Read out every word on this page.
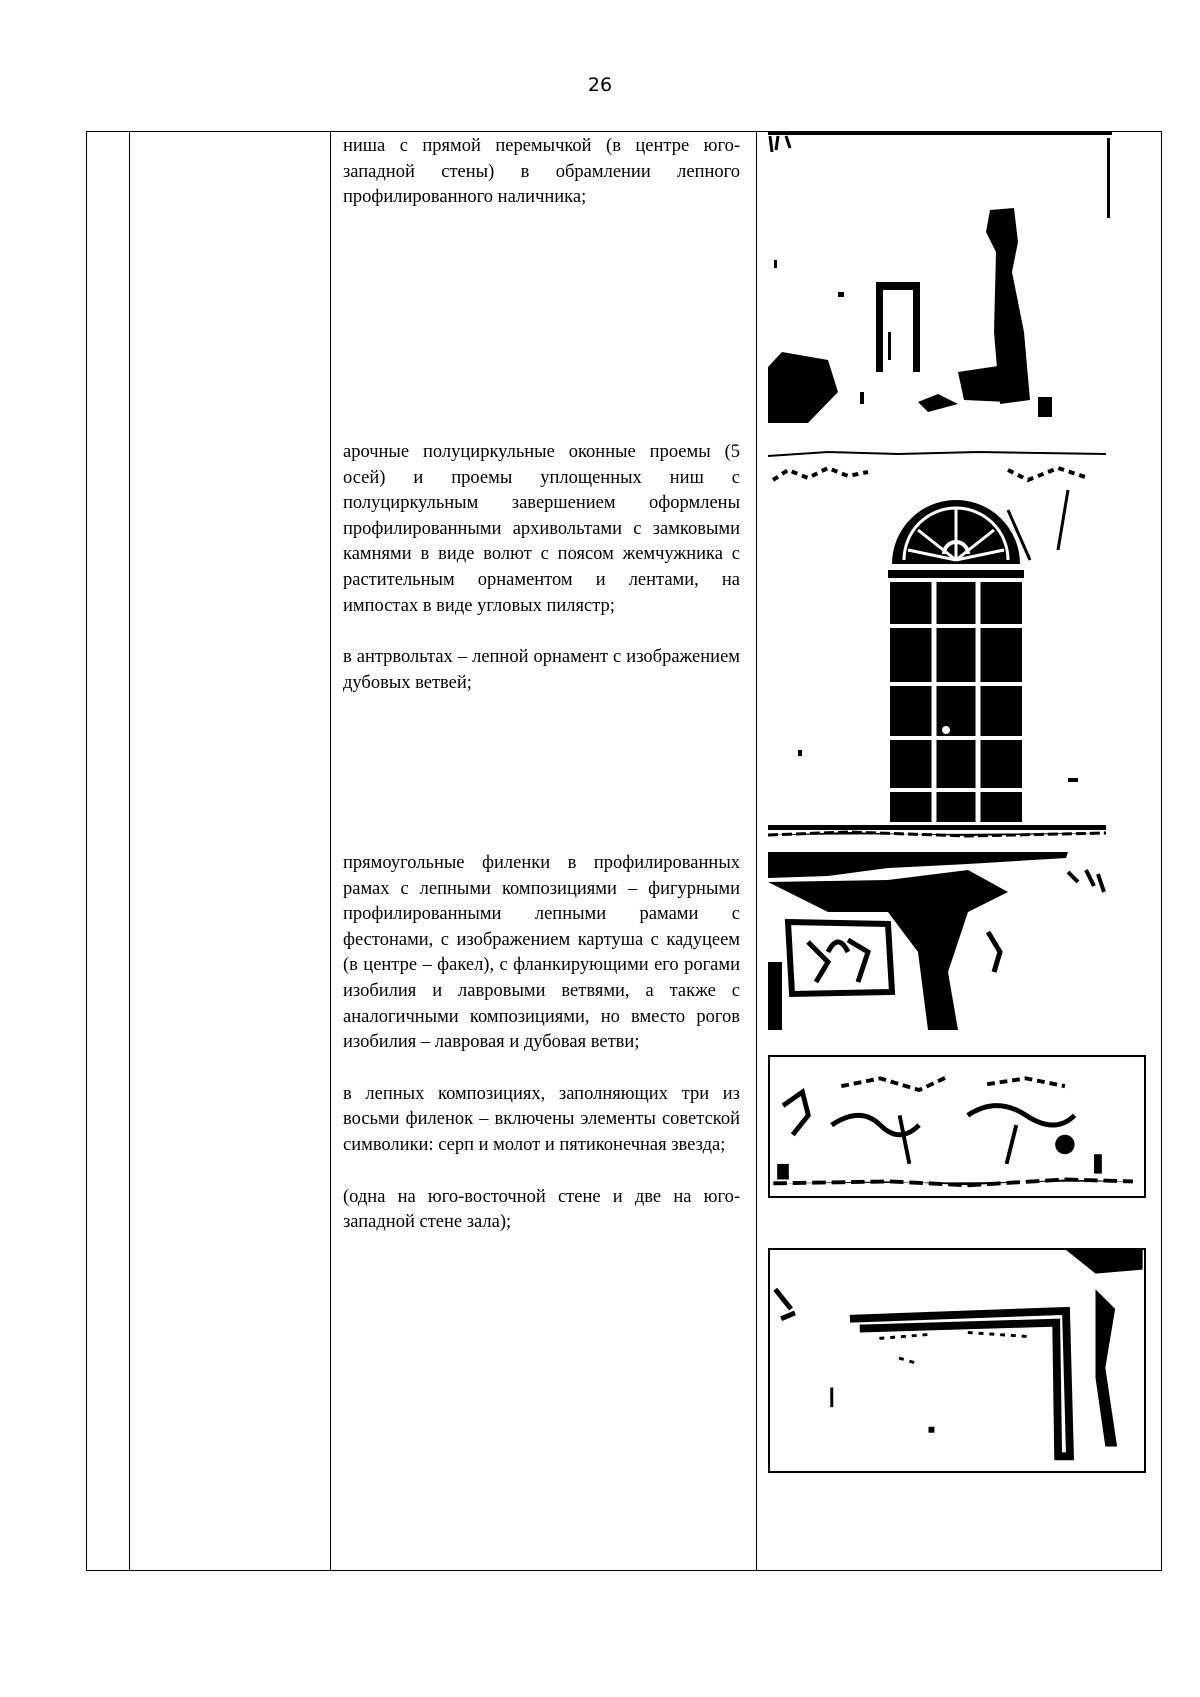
26

ниша с прямой перемычкой (в центре юго-западной стены) в обрамлении лепного профилированного наличника;

арочные полуциркульные оконные проемы (5 осей) и проемы уплощенных ниш с полуциркульным завершением оформлены профилированными архивольтами с замковыми камнями в виде волют с поясом жемчужника с растительным орнаментом и лентами, на импостах в виде угловых пилястр;

в антрвольтах – лепной орнамент с изображением дубовых ветвей;

прямоугольные филенки в профилированных рамах с лепными композициями – фигурными профилированными лепными рамами с фестонами, с изображением картуша с кадуцеем (в центре – факел), с фланкирующими его рогами изобилия и лавровыми ветвями, а также с аналогичными композициями, но вместо рогов изобилия – лавровая и дубовая ветви;

в лепных композициях, заполняющих три из восьми филенок – включены элементы советской символики: серп и молот и пятиконечная звезда;

(одна на юго-восточной стене и две на юго-западной стене зала);
